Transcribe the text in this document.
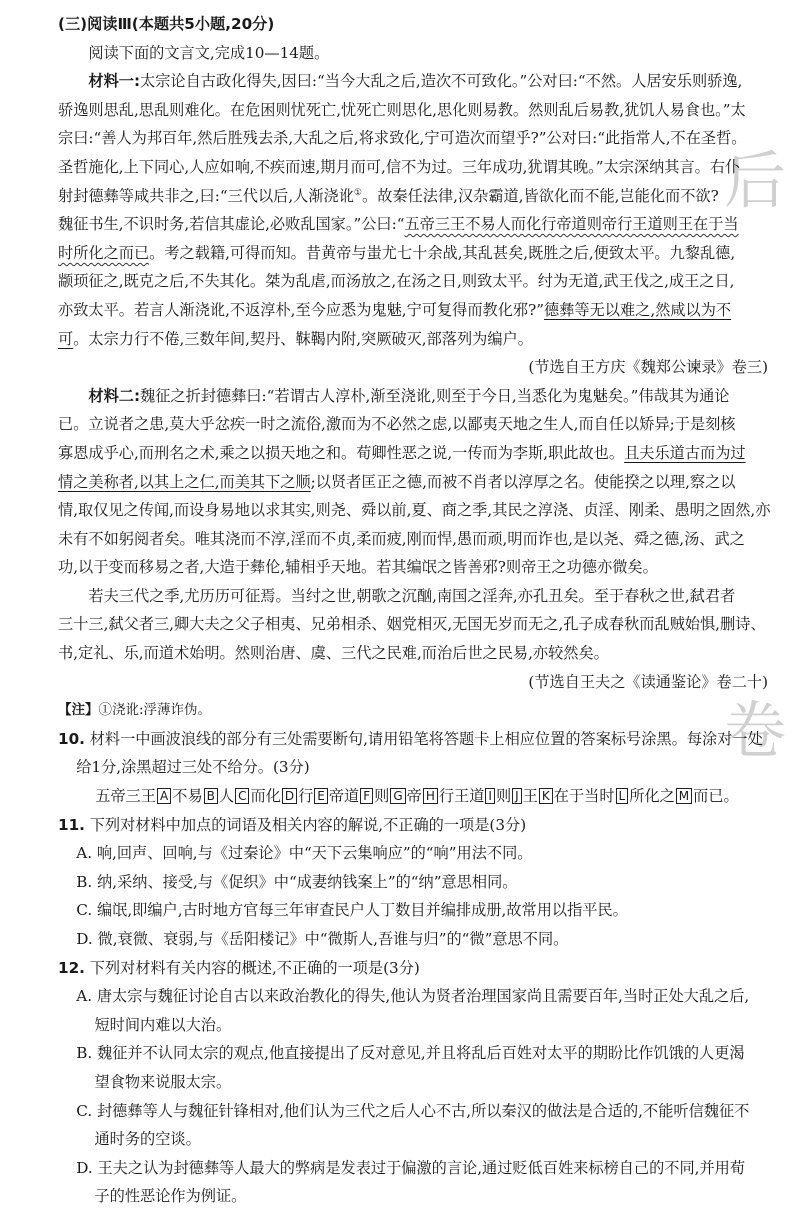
后
卷
(三)阅读Ⅲ(本题共5小题,20分)
阅读下面的文言文,完成10—14题。
材料一:太宗论自古政化得失,因曰:“当今大乱之后,造次不可致化。”公对曰:“不然。人居安乐则骄逸,
骄逸则思乱,思乱则难化。在危困则忧死亡,忧死亡则思化,思化则易教。然则乱后易教,犹饥人易食也。”太
宗曰:“善人为邦百年,然后胜残去杀,大乱之后,将求致化,宁可造次而望乎?”公对曰:“此指常人,不在圣哲。
圣哲施化,上下同心,人应如响,不疾而速,期月而可,信不为过。三年成功,犹谓其晚。”太宗深纳其言。右仆
射封德彝等咸共非之,曰:“三代以后,人渐浇讹①。故秦任法律,汉杂霸道,皆欲化而不能,岂能化而不欲?
魏征书生,不识时务,若信其虚论,必败乱国家。”公曰:“五帝三王不易人而化行帝道则帝行王道则王在于当
时所化之而已。考之载籍,可得而知。昔黄帝与蚩尤七十余战,其乱甚矣,既胜之后,便致太平。九黎乱德,
颛顼征之,既克之后,不失其化。桀为乱虐,而汤放之,在汤之日,则致太平。纣为无道,武王伐之,成王之日,
亦致太平。若言人渐浇讹,不返淳朴,至今应悉为鬼魅,宁可复得而教化邪?”德彝等无以难之,然咸以为不
可。太宗力行不倦,三数年间,契丹、靺鞨内附,突厥破灭,部落列为编户。
(节选自王方庆《魏郑公谏录》卷三)
材料二:魏征之折封德彝曰:“若谓古人淳朴,渐至浇讹,则至于今日,当悉化为鬼魅矣。”伟哉其为通论
已。立说者之患,莫大乎忿疾一时之流俗,激而为不必然之虑,以鄙夷天地之生人,而自任以矫异;于是刻核
寡恩成乎心,而刑名之术,乘之以损天地之和。荀卿性恶之说,一传而为李斯,职此故也。且夫乐道古而为过
情之美称者,以其上之仁,而美其下之顺;以贤者匡正之德,而被不肖者以淳厚之名。使能揆之以理,察之以
情,取仅见之传闻,而设身易地以求其实,则尧、舜以前,夏、商之季,其民之淳浇、贞淫、刚柔、愚明之固然,亦
未有不如躬阅者矣。唯其浇而不淳,淫而不贞,柔而疲,刚而悍,愚而顽,明而诈也,是以尧、舜之德,汤、武之
功,以于变而移易之者,大造于彝伦,辅相乎天地。若其编氓之皆善邪?则帝王之功德亦微矣。
若夫三代之季,尤历历可征焉。当纣之世,朝歌之沉酗,南国之淫奔,亦孔丑矣。至于春秋之世,弑君者
三十三,弑父者三,卿大夫之父子相夷、兄弟相杀、姻党相灭,无国无岁而无之,孔子成春秋而乱贼始惧,删诗、
书,定礼、乐,而道术始明。然则治唐、虞、三代之民难,而治后世之民易,亦较然矣。
(节选自王夫之《读通鉴论》卷二十)
【注】①浇讹:浮薄诈伪。
10. 材料一中画波浪线的部分有三处需要断句,请用铅笔将答题卡上相应位置的答案标号涂黑。每涂对一处
给1分,涂黑超过三处不给分。(3分)
五帝三王 A 不易 B 人 C 而化 D 行 E 帝道 F 则 G 帝 H 行王道 I 则 J 王 K 在于当时 L 所化之 M 而已。
11. 下列对材料中加点的词语及相关内容的解说,不正确的一项是(3分)
A. 响,回声、回响,与《过秦论》中“天下云集响应”的“响”用法不同。
B. 纳,采纳、接受,与《促织》中“成妻纳钱案上”的“纳”意思相同。
C. 编氓,即编户,古时地方官每三年审查民户人丁数目并编排成册,故常用以指平民。
D. 微,衰微、衰弱,与《岳阳楼记》中“微斯人,吾谁与归”的“微”意思不同。
12. 下列对材料有关内容的概述,不正确的一项是(3分)
A. 唐太宗与魏征讨论自古以来政治教化的得失,他认为贤者治理国家尚且需要百年,当时正处大乱之后,
短时间内难以大治。
B. 魏征并不认同太宗的观点,他直接提出了反对意见,并且将乱后百姓对太平的期盼比作饥饿的人更渴
望食物来说服太宗。
C. 封德彝等人与魏征针锋相对,他们认为三代之后人心不古,所以秦汉的做法是合适的,不能听信魏征不
通时务的空谈。
D. 王夫之认为封德彝等人最大的弊病是发表过于偏激的言论,通过贬低百姓来标榜自己的不同,并用荀
子的性恶论作为例证。
